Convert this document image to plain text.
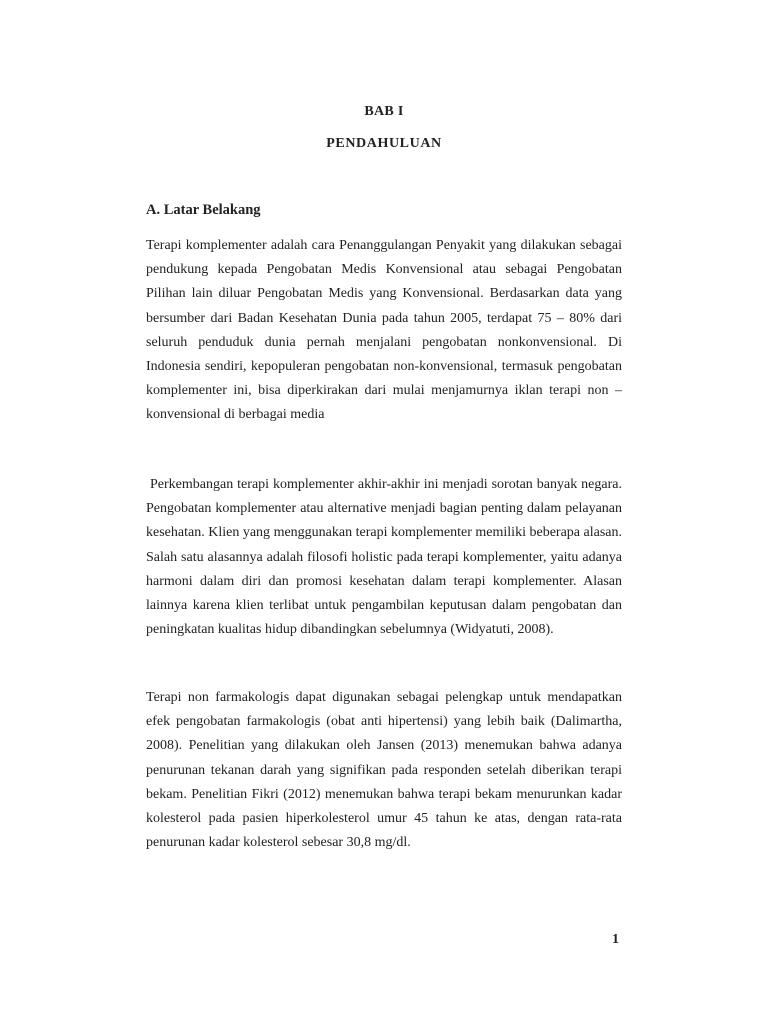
BAB I
PENDAHULUAN
A. Latar Belakang

Terapi komplementer adalah cara Penanggulangan Penyakit yang dilakukan sebagai pendukung kepada Pengobatan Medis Konvensional atau sebagai Pengobatan Pilihan lain diluar Pengobatan Medis yang Konvensional. Berdasarkan data yang bersumber dari Badan Kesehatan Dunia pada tahun 2005, terdapat 75 – 80% dari seluruh penduduk dunia pernah menjalani pengobatan nonkonvensional. Di Indonesia sendiri, kepopuleran pengobatan non-konvensional, termasuk pengobatan komplementer ini, bisa diperkirakan dari mulai menjamurnya iklan terapi non – konvensional di berbagai media

Perkembangan terapi komplementer akhir-akhir ini menjadi sorotan banyak negara. Pengobatan komplementer atau alternative menjadi bagian penting dalam pelayanan kesehatan. Klien yang menggunakan terapi komplementer memiliki beberapa alasan. Salah satu alasannya adalah filosofi holistic pada terapi komplementer, yaitu adanya harmoni dalam diri dan promosi kesehatan dalam terapi komplementer. Alasan lainnya karena klien terlibat untuk pengambilan keputusan dalam pengobatan dan peningkatan kualitas hidup dibandingkan sebelumnya (Widyatuti, 2008).

Terapi non farmakologis dapat digunakan sebagai pelengkap untuk mendapatkan efek pengobatan farmakologis (obat anti hipertensi) yang lebih baik (Dalimartha, 2008). Penelitian yang dilakukan oleh Jansen (2013) menemukan bahwa adanya penurunan tekanan darah yang signifikan pada responden setelah diberikan terapi bekam. Penelitian Fikri (2012) menemukan bahwa terapi bekam menurunkan kadar kolesterol pada pasien hiperkolesterol umur 45 tahun ke atas, dengan rata-rata penurunan kadar kolesterol sebesar 30,8 mg/dl.

1
